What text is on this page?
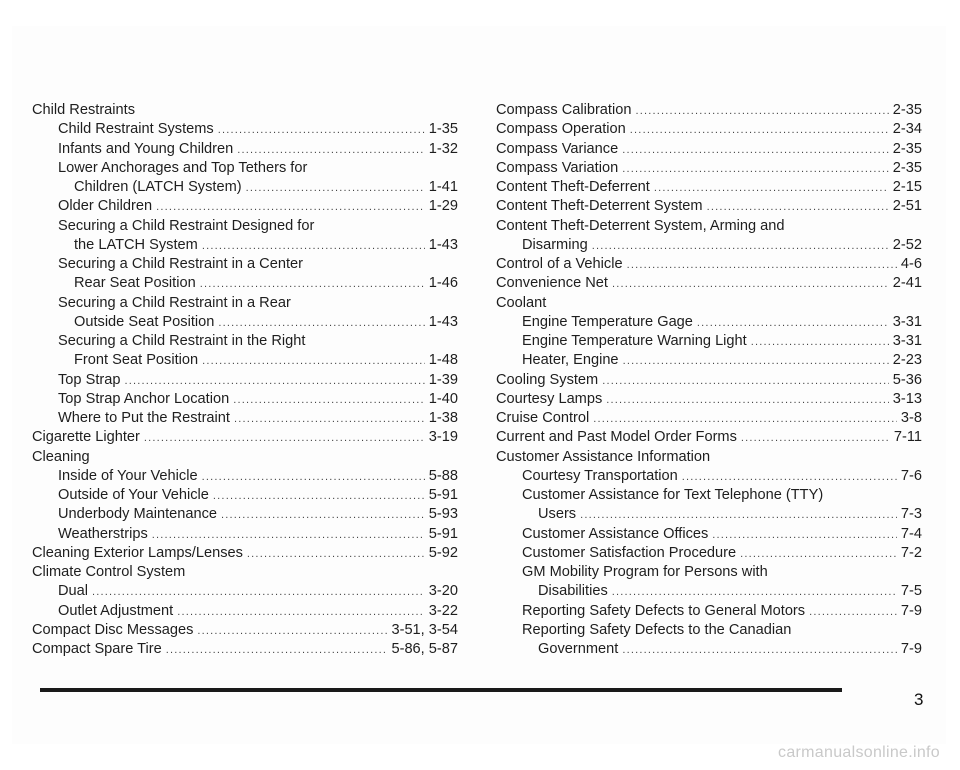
Child Restraints
Child Restraint Systems .....	1-35
Infants and Young Children .....	1-32
Lower Anchorages and Top Tethers for
Children (LATCH System) .....	1-41
Older Children .....	1-29
Securing a Child Restraint Designed for
the LATCH System .....	1-43
Securing a Child Restraint in a Center
Rear Seat Position .....	1-46
Securing a Child Restraint in a Rear
Outside Seat Position .....	1-43
Securing a Child Restraint in the Right
Front Seat Position .....	1-48
Top Strap .....	1-39
Top Strap Anchor Location .....	1-40
Where to Put the Restraint .....	1-38
Cigarette Lighter .....	3-19
Cleaning
Inside of Your Vehicle .....	5-88
Outside of Your Vehicle .....	5-91
Underbody Maintenance .....	5-93
Weatherstrips .....	5-91
Cleaning Exterior Lamps/Lenses .....	5-92
Climate Control System
Dual .....	3-20
Outlet Adjustment .....	3-22
Compact Disc Messages .....	3-51, 3-54
Compact Spare Tire .....	5-86, 5-87
Compass Calibration .....	2-35
Compass Operation .....	2-34
Compass Variance .....	2-35
Compass Variation .....	2-35
Content Theft-Deferrent .....	2-15
Content Theft-Deterrent System .....	2-51
Content Theft-Deterrent System, Arming and
Disarming .....	2-52
Control of a Vehicle .....	4-6
Convenience Net .....	2-41
Coolant
Engine Temperature Gage .....	3-31
Engine Temperature Warning Light .....	3-31
Heater, Engine .....	2-23
Cooling System .....	5-36
Courtesy Lamps .....	3-13
Cruise Control .....	3-8
Current and Past Model Order Forms .....	7-11
Customer Assistance Information
Courtesy Transportation .....	7-6
Customer Assistance for Text Telephone (TTY)
Users .....	7-3
Customer Assistance Offices .....	7-4
Customer Satisfaction Procedure .....	7-2
GM Mobility Program for Persons with
Disabilities .....	7-5
Reporting Safety Defects to General Motors .....	7-9
Reporting Safety Defects to the Canadian
Government .....	7-9
3
carmanualsonline.info
